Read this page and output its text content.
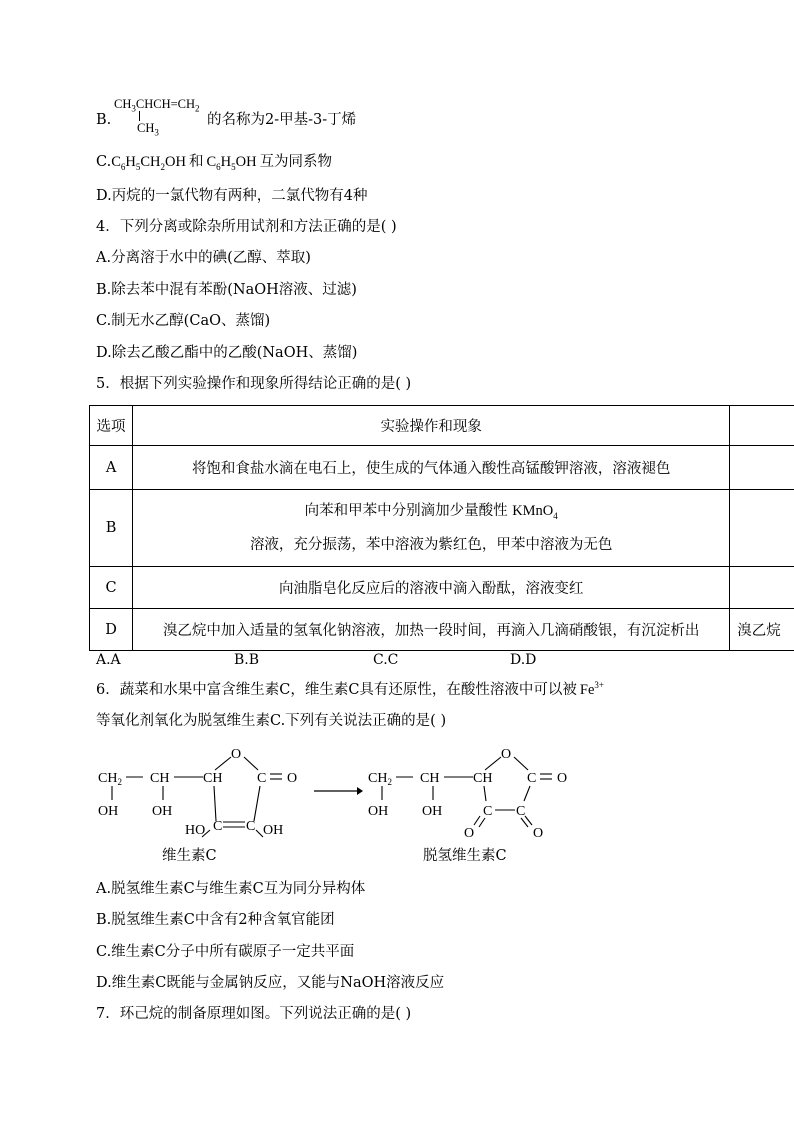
B.
$CH_3CHCH=CH_2$
$CH_3$
的名称为2-甲基-3-丁烯
$C.C_6H_5CH_2OH$ 和 $C_6H_5OH$ 互为同系物
D.丙烷的一氯代物有两种，二氯代物有4种
4．下列分离或除杂所用试剂和方法正确的是( )
A.分离溶于水中的碘(乙醇、萃取)
B.除去苯中混有苯酚(NaOH溶液、过滤)
C.制无水乙醇(CaO、蒸馏)
D.除去乙酸乙酯中的乙酸(NaOH、蒸馏)
5．根据下列实验操作和现象所得结论正确的是( )
选项	实验操作和现象	
A	将饱和食盐水滴在电石上，使生成的气体通入酸性高锰酸钾溶液，溶液褪色	
B	向苯和甲苯中分别滴加少量酸性 KMnO$_4$
溶液，充分振荡，苯中溶液为紫红色，甲苯中溶液为无色	

C	向油脂皂化反应后的溶液中滴入酚酞，溶液变红	
D	溴乙烷中加入适量的氢氧化钠溶液，加热一段时间，再滴入几滴硝酸银，有沉淀析出	溴乙烷
A.A	B.B	C.C	D.D
6．蔬菜和水果中富含维生素C，维生素C具有还原性，在酸性溶液中可以被 $Fe^{3+}$
等氧化剂氧化为脱氢维生素C.下列有关说法正确的是( )
$CH_2$ CH CH
O
C O
OH OH
C C
HO	OH
维生素C
$CH_2$ CH CH
O
C O
OH OH	C C
O	O
脱氢维生素C
A.脱氢维生素C与维生素C互为同分异构体
B.脱氢维生素C中含有2种含氧官能团
C.维生素C分子中所有碳原子一定共平面
D.维生素C既能与金属钠反应，又能与NaOH溶液反应
7．环己烷的制备原理如图。下列说法正确的是( )
